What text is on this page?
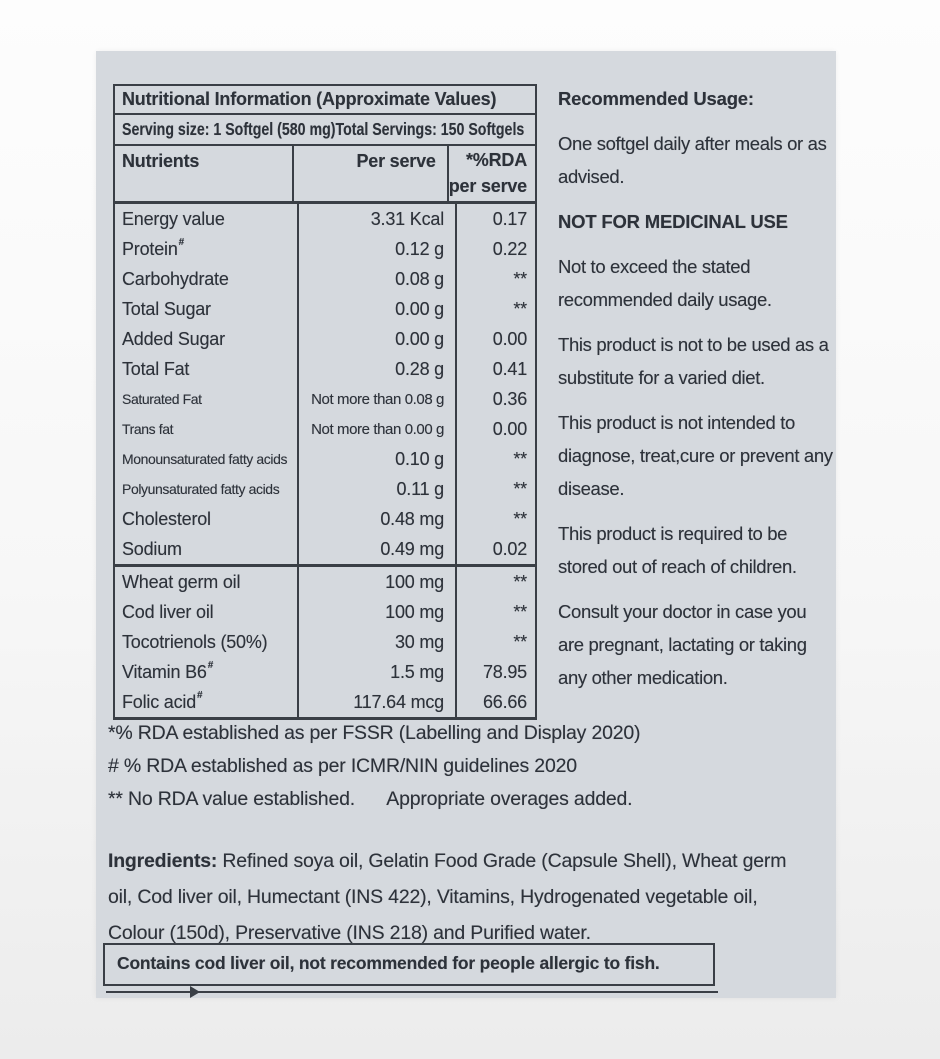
Nutritional Information (Approximate Values)
Serving size: 1 Softgel (580 mg) Total Servings: 150 Softgels
Nutrients	Per serve	*%RDA
per serve
Energy value	3.31 Kcal	0.17
Protein #	0.12 g	0.22
Carbohydrate	0.08 g	**
Total Sugar	0.00 g	**
Added Sugar	0.00 g	0.00
Total Fat	0.28 g	0.41
Saturated Fat	Not more than 0.08 g	0.36
Trans fat	Not more than 0.00 g	0.00
Monounsaturated fatty acids	0.10 g	**
Polyunsaturated fatty acids	0.11 g	**
Cholesterol	0.48 mg	**
Sodium	0.49 mg	0.02
Wheat germ oil	100 mg	**
Cod liver oil	100 mg	**
Tocotrienols (50%)	30 mg	**
Vitamin B6 #	1.5 mg	78.95
Folic acid #	117.64 mcg	66.66
*% RDA established as per FSSR (Labelling and Display 2020)
# % RDA established as per ICMR/NIN guidelines 2020
** No RDA value established.      Appropriate overages added.

Ingredients: Refined soya oil, Gelatin Food Grade (Capsule Shell), Wheat germ oil, Cod liver oil, Humectant (INS 422), Vitamins, Hydrogenated vegetable oil, Colour (150d), Preservative (INS 218) and Purified water.

Contains cod liver oil, not recommended for people allergic to fish.

Recommended Usage:

One softgel daily after meals or as advised.

NOT FOR MEDICINAL USE

Not to exceed the stated recommended daily usage.

This product is not to be used as a substitute for a varied diet.

This product is not intended to diagnose, treat,cure or prevent any disease.

This product is required to be stored out of reach of children.

Consult your doctor in case you are pregnant, lactating or taking any other medication.
